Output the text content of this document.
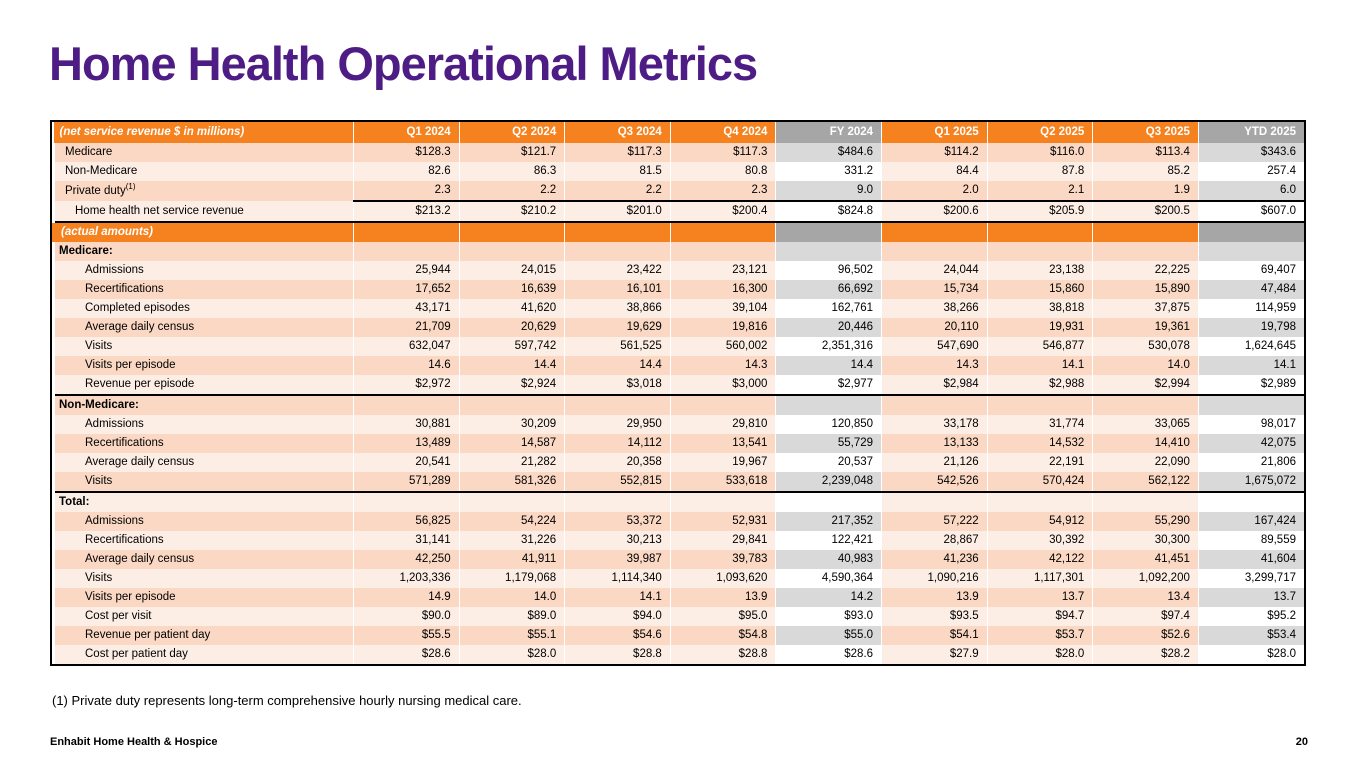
Home Health Operational Metrics
(net service revenue $ in millions)	Q1 2024	Q2 2024	Q3 2024	Q4 2024	FY 2024	Q1 2025	Q2 2025	Q3 2025	YTD 2025
Medicare	$128.3	$121.7	$117.3	$117.3	$484.6	$114.2	$116.0	$113.4	$343.6
Non-Medicare	82.6	86.3	81.5	80.8	331.2	84.4	87.8	85.2	257.4
Private duty$^{(1)}$	2.3	2.2	2.2	2.3	9.0	2.0	2.1	1.9	6.0
Home health net service revenue	$213.2	$210.2	$201.0	$200.4	$824.8	$200.6	$205.9	$200.5	$607.0
(actual amounts)									
Medicare:									
Admissions	25,944	24,015	23,422	23,121	96,502	24,044	23,138	22,225	69,407
Recertifications	17,652	16,639	16,101	16,300	66,692	15,734	15,860	15,890	47,484
Completed episodes	43,171	41,620	38,866	39,104	162,761	38,266	38,818	37,875	114,959
Average daily census	21,709	20,629	19,629	19,816	20,446	20,110	19,931	19,361	19,798
Visits	632,047	597,742	561,525	560,002	2,351,316	547,690	546,877	530,078	1,624,645
Visits per episode	14.6	14.4	14.4	14.3	14.4	14.3	14.1	14.0	14.1
Revenue per episode	$2,972	$2,924	$3,018	$3,000	$2,977	$2,984	$2,988	$2,994	$2,989
Non-Medicare:									
Admissions	30,881	30,209	29,950	29,810	120,850	33,178	31,774	33,065	98,017
Recertifications	13,489	14,587	14,112	13,541	55,729	13,133	14,532	14,410	42,075
Average daily census	20,541	21,282	20,358	19,967	20,537	21,126	22,191	22,090	21,806
Visits	571,289	581,326	552,815	533,618	2,239,048	542,526	570,424	562,122	1,675,072
Total:									
Admissions	56,825	54,224	53,372	52,931	217,352	57,222	54,912	55,290	167,424
Recertifications	31,141	31,226	30,213	29,841	122,421	28,867	30,392	30,300	89,559
Average daily census	42,250	41,911	39,987	39,783	40,983	41,236	42,122	41,451	41,604
Visits	1,203,336	1,179,068	1,114,340	1,093,620	4,590,364	1,090,216	1,117,301	1,092,200	3,299,717
Visits per episode	14.9	14.0	14.1	13.9	14.2	13.9	13.7	13.4	13.7
Cost per visit	$90.0	$89.0	$94.0	$95.0	$93.0	$93.5	$94.7	$97.4	$95.2
Revenue per patient day	$55.5	$55.1	$54.6	$54.8	$55.0	$54.1	$53.7	$52.6	$53.4
Cost per patient day	$28.6	$28.0	$28.8	$28.8	$28.6	$27.9	$28.0	$28.2	$28.0
(1) Private duty represents long-term comprehensive hourly nursing medical care.
Enhabit Home Health & Hospice	20
